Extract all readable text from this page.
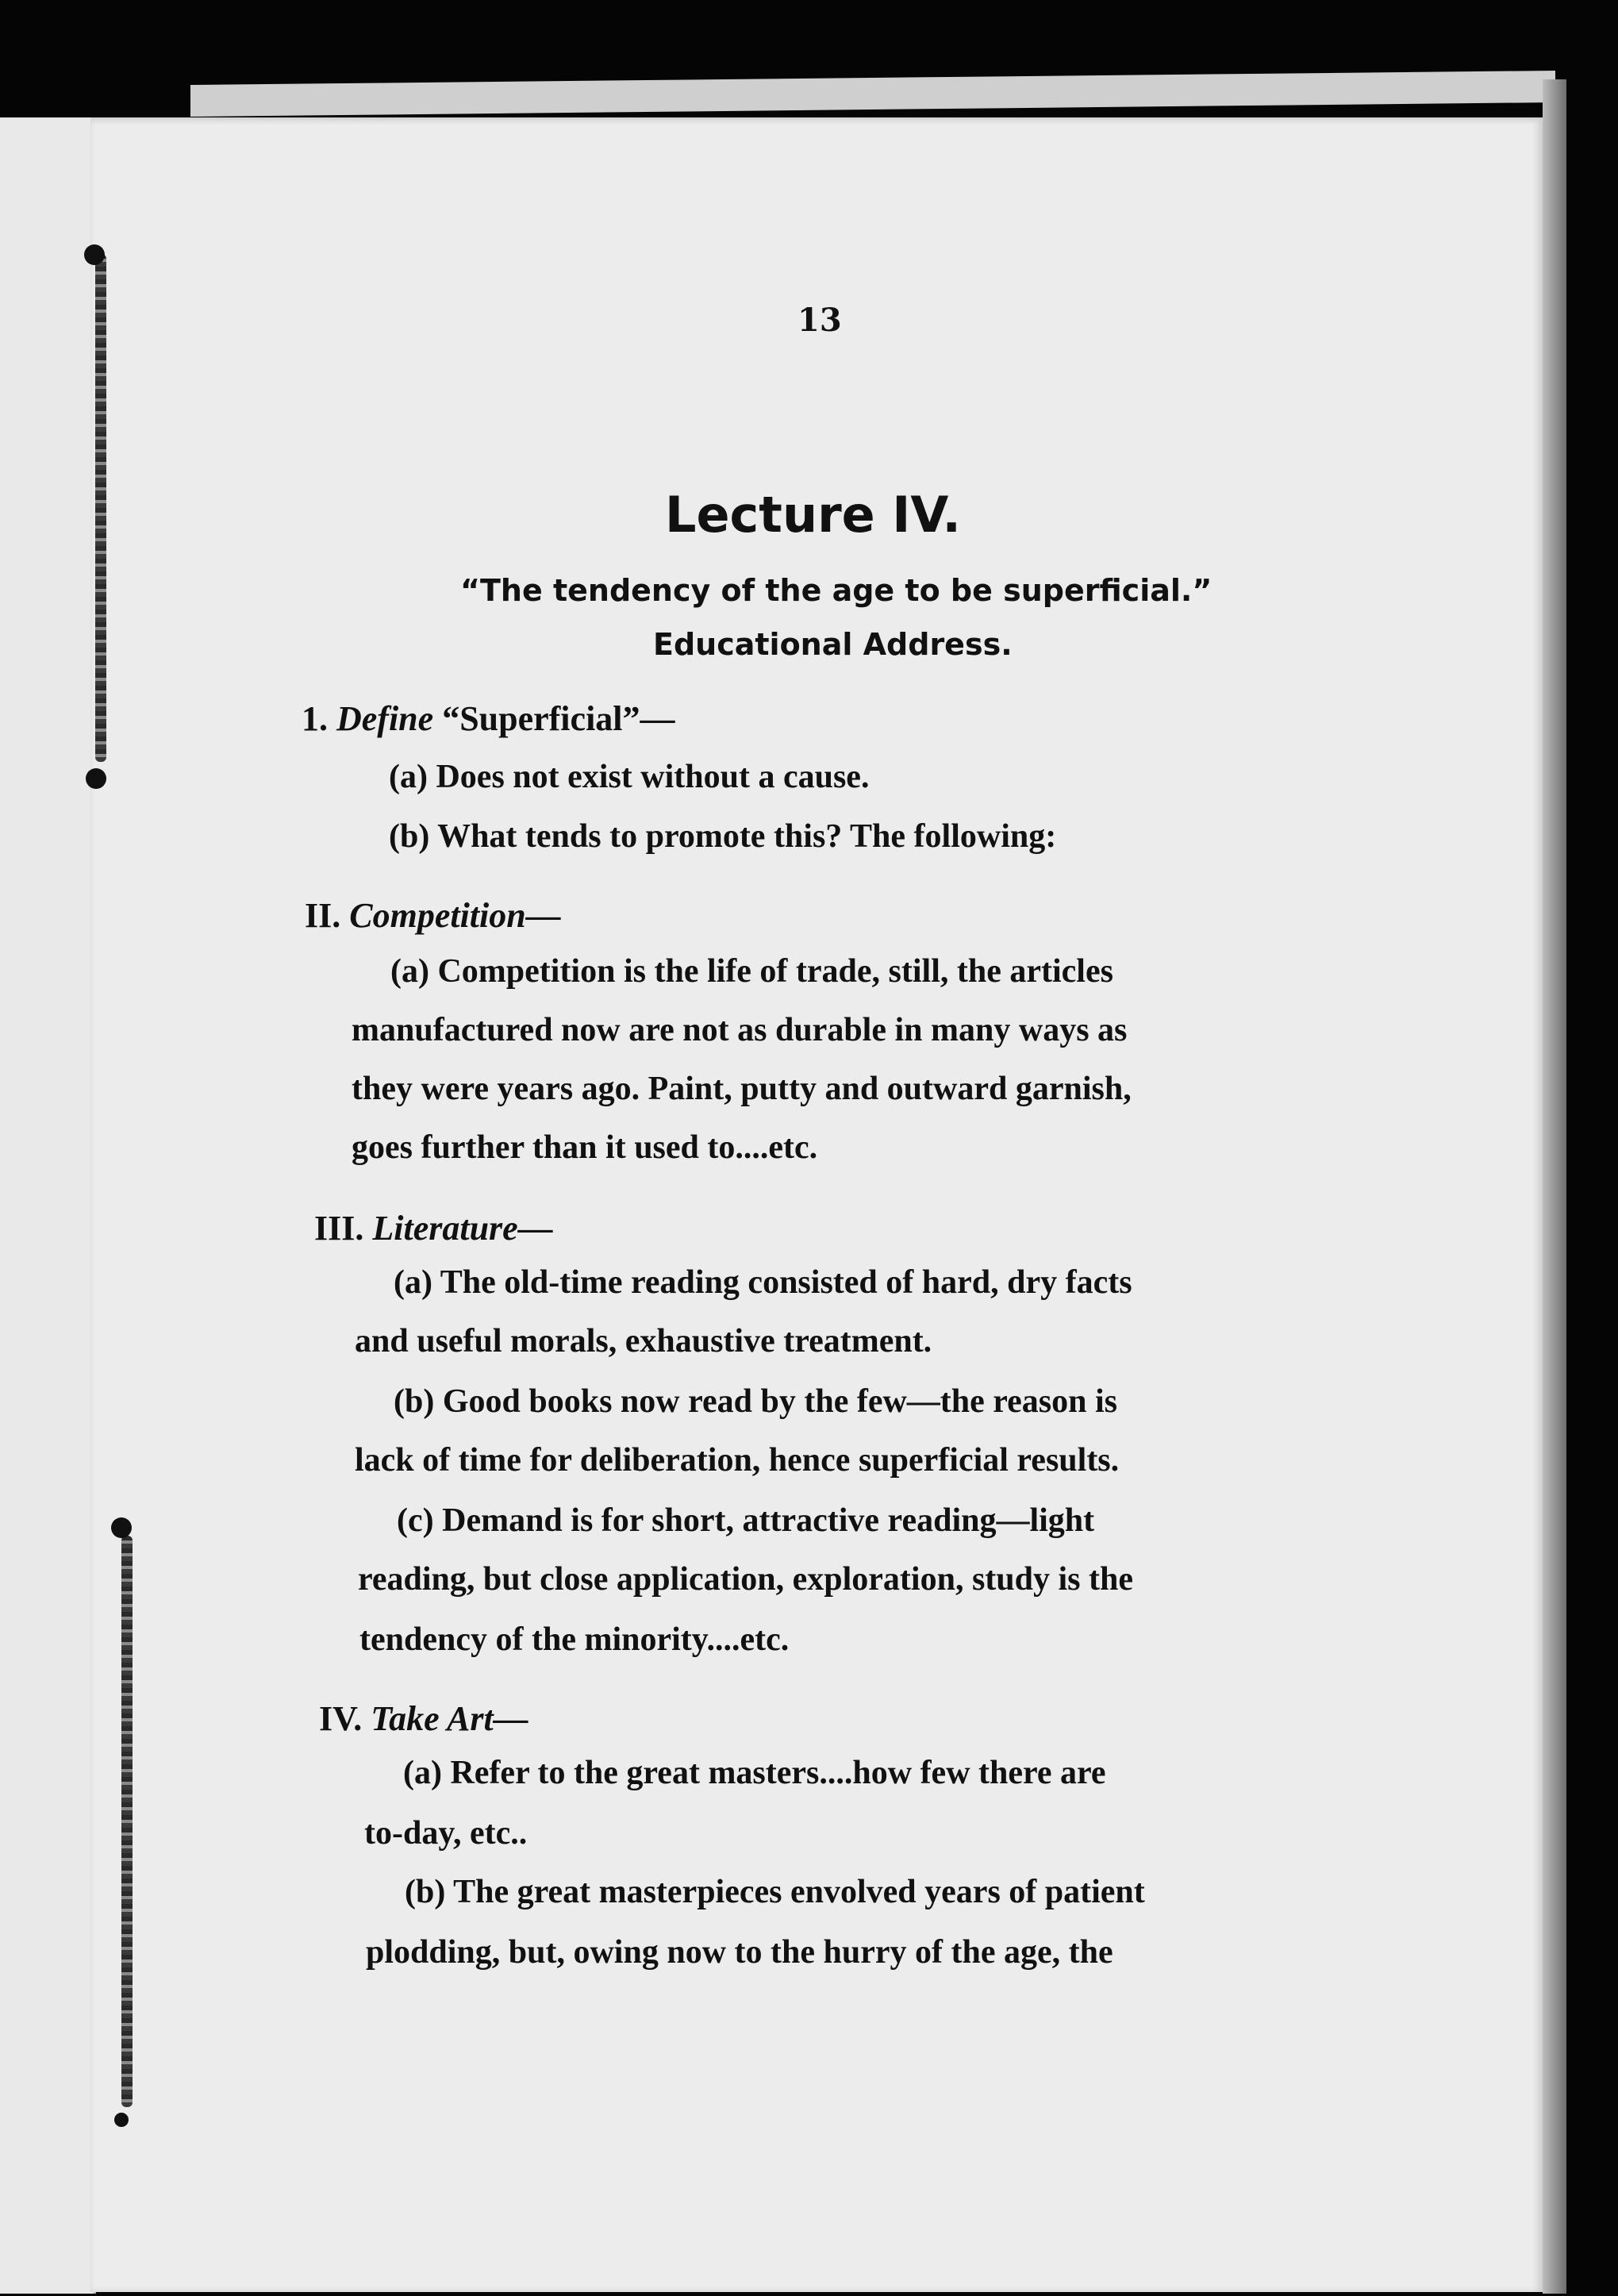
13
Lecture IV.
“The tendency of the age to be superficial.”
Educational Address.
1. Define “Superficial”—
(a) Does not exist without a cause.
(b) What tends to promote this? The following:
II. Competition—
(a) Competition is the life of trade, still, the articles
manufactured now are not as durable in many ways as
they were years ago. Paint, putty and outward garnish,
goes further than it used to....etc.
III. Literature—
(a) The old-time reading consisted of hard, dry facts
and useful morals, exhaustive treatment.
(b) Good books now read by the few—the reason is
lack of time for deliberation, hence superficial results.
(c) Demand is for short, attractive reading—light
reading, but close application, exploration, study is the
tendency of the minority....etc.
IV. Take Art—
(a) Refer to the great masters....how few there are
to-day, etc..
(b) The great masterpieces envolved years of patient
plodding, but, owing now to the hurry of the age, the
